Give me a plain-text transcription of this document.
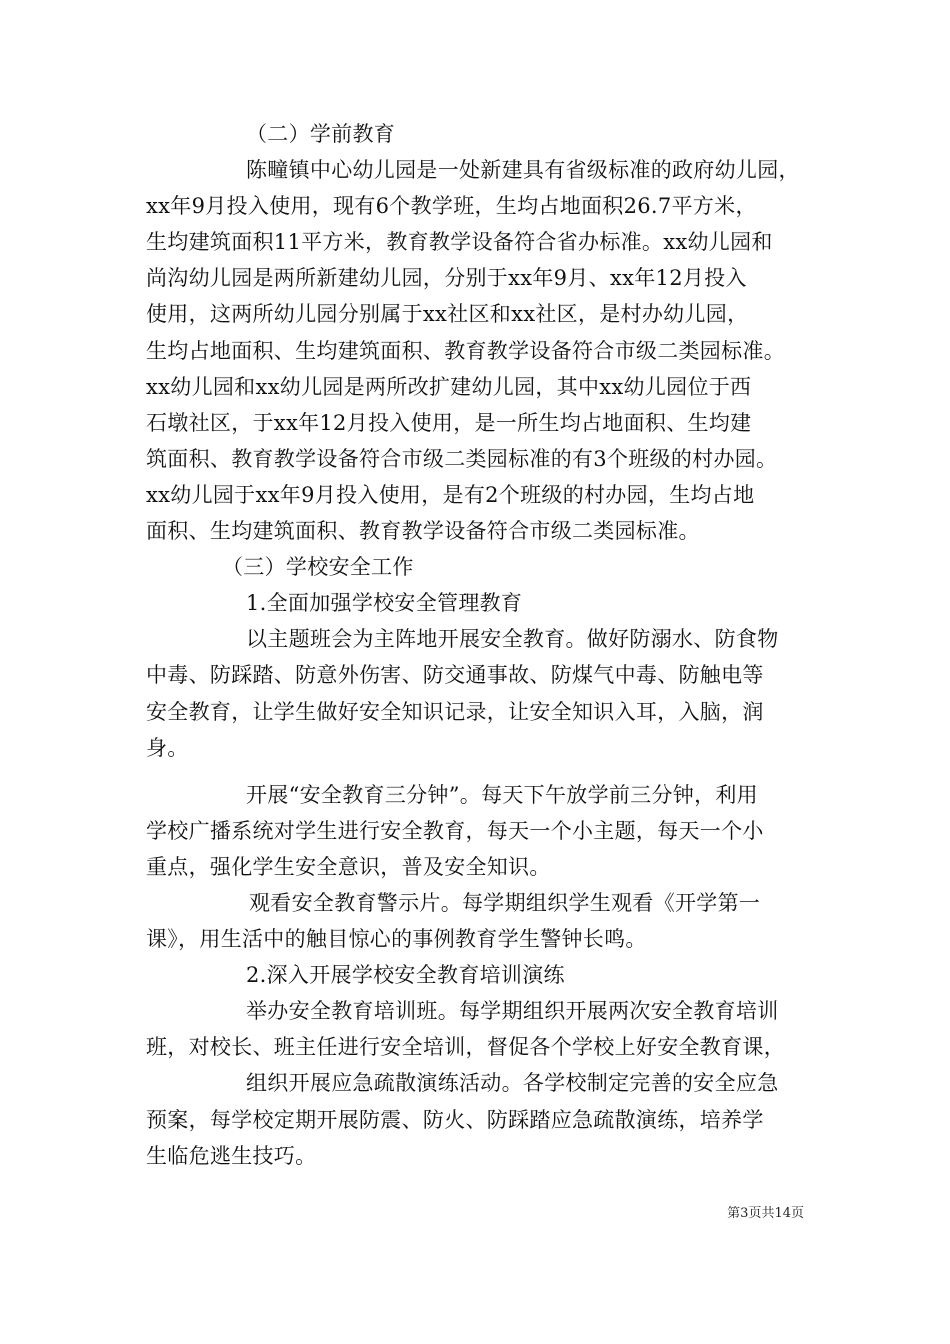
（二）学前教育
陈疃镇中心幼儿园是一处新建具有省级标准的政府幼儿园，
xx年9月投入使用，现有6个教学班，生均占地面积26.7平方米，
生均建筑面积11平方米，教育教学设备符合省办标准。xx幼儿园和
尚沟幼儿园是两所新建幼儿园，分别于xx年9月、xx年12月投入
使用，这两所幼儿园分别属于xx社区和xx社区，是村办幼儿园，
生均占地面积、生均建筑面积、教育教学设备符合市级二类园标准。
xx幼儿园和xx幼儿园是两所改扩建幼儿园，其中xx幼儿园位于西
石墩社区，于xx年12月投入使用，是一所生均占地面积、生均建
筑面积、教育教学设备符合市级二类园标准的有3个班级的村办园。
xx幼儿园于xx年9月投入使用，是有2个班级的村办园，生均占地
面积、生均建筑面积、教育教学设备符合市级二类园标准。
（三）学校安全工作
1.全面加强学校安全管理教育
以主题班会为主阵地开展安全教育。做好防溺水、防食物
中毒、防踩踏、防意外伤害、防交通事故、防煤气中毒、防触电等
安全教育，让学生做好安全知识记录，让安全知识入耳，入脑，润
身。
开展“安全教育三分钟”。每天下午放学前三分钟，利用
学校广播系统对学生进行安全教育，每天一个小主题，每天一个小
重点，强化学生安全意识，普及安全知识。
观看安全教育警示片。每学期组织学生观看《开学第一
课》，用生活中的触目惊心的事例教育学生警钟长鸣。
2.深入开展学校安全教育培训演练
举办安全教育培训班。每学期组织开展两次安全教育培训
班，对校长、班主任进行安全培训，督促各个学校上好安全教育课，
组织开展应急疏散演练活动。各学校制定完善的安全应急
预案，每学校定期开展防震、防火、防踩踏应急疏散演练，培养学
生临危逃生技巧。
第3页共14页
